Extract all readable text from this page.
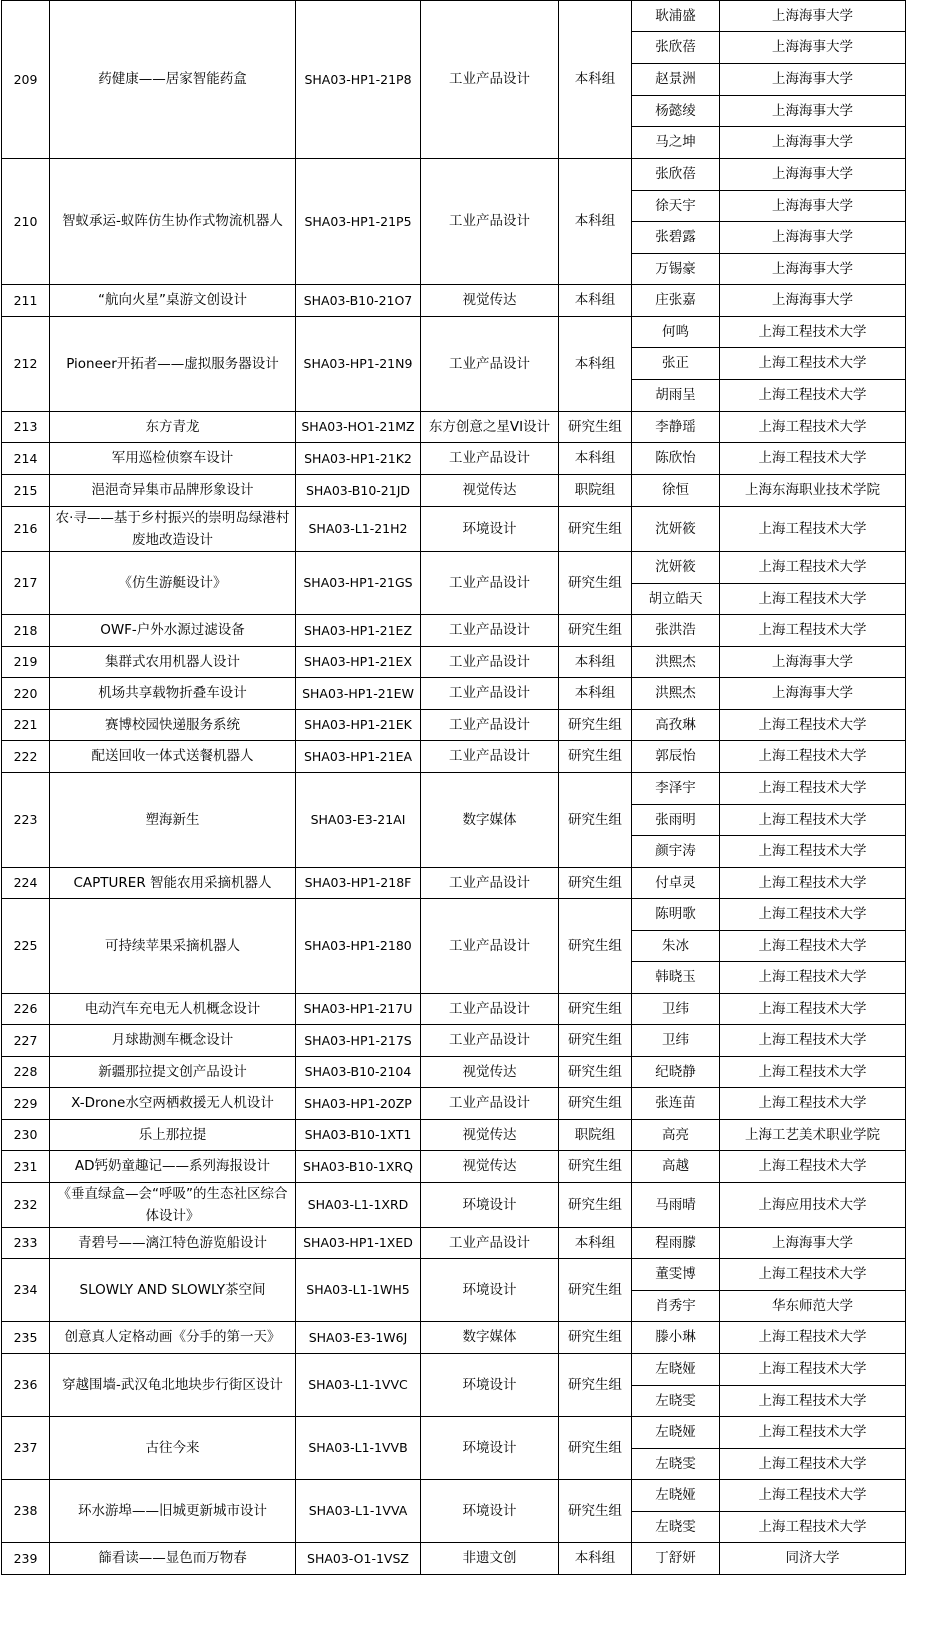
209	药健康——居家智能药盒	SHA03-HP1-21P8	工业产品设计	本科组	耿浦盛	上海海事大学
					张欣蓓	上海海事大学
					赵景洲	上海海事大学
					杨懿绫	上海海事大学
					马之坤	上海海事大学
210	智蚁承运-蚁阵仿生协作式物流机器人	SHA03-HP1-21P5	工业产品设计	本科组	张欣蓓	上海海事大学
					徐天宇	上海海事大学
					张碧露	上海海事大学
					万锡豪	上海海事大学
211	“航向火星”桌游文创设计	SHA03-B10-21O7	视觉传达	本科组	庄张嘉	上海海事大学
212	Pioneer开拓者——虚拟服务器设计	SHA03-HP1-21N9	工业产品设计	本科组	何鸣	上海工程技术大学
					张正	上海工程技术大学
					胡雨呈	上海工程技术大学
213	东方青龙	SHA03-HO1-21MZ	东方创意之星VI设计	研究生组	李静瑶	上海工程技术大学
214	军用巡检侦察车设计	SHA03-HP1-21K2	工业产品设计	本科组	陈欣怡	上海工程技术大学
215	浥浥奇异集市品牌形象设计	SHA03-B10-21JD	视觉传达	职院组	徐恒	上海东海职业技术学院
216	农·寻——基于乡村振兴的崇明岛绿港村废地改造设计	SHA03-L1-21H2	环境设计	研究生组	沈妍筱	上海工程技术大学
217	《仿生游艇设计》	SHA03-HP1-21GS	工业产品设计	研究生组	沈妍筱	上海工程技术大学
					胡立皓天	上海工程技术大学
218	OWF-户外水源过滤设备	SHA03-HP1-21EZ	工业产品设计	研究生组	张洪浩	上海工程技术大学
219	集群式农用机器人设计	SHA03-HP1-21EX	工业产品设计	本科组	洪熙杰	上海海事大学
220	机场共享载物折叠车设计	SHA03-HP1-21EW	工业产品设计	本科组	洪熙杰	上海海事大学
221	赛博校园快递服务系统	SHA03-HP1-21EK	工业产品设计	研究生组	高孜琳	上海工程技术大学
222	配送回收一体式送餐机器人	SHA03-HP1-21EA	工业产品设计	研究生组	郭辰怡	上海工程技术大学
223	塑海新生	SHA03-E3-21AI	数字媒体	研究生组	李泽宇	上海工程技术大学
					张雨明	上海工程技术大学
					颜宇涛	上海工程技术大学
224	CAPTURER 智能农用采摘机器人	SHA03-HP1-218F	工业产品设计	研究生组	付卓灵	上海工程技术大学
225	可持续苹果采摘机器人	SHA03-HP1-2180	工业产品设计	研究生组	陈明歌	上海工程技术大学
					朱冰	上海工程技术大学
					韩晓玉	上海工程技术大学
226	电动汽车充电无人机概念设计	SHA03-HP1-217U	工业产品设计	研究生组	卫纬	上海工程技术大学
227	月球勘测车概念设计	SHA03-HP1-217S	工业产品设计	研究生组	卫纬	上海工程技术大学
228	新疆那拉提文创产品设计	SHA03-B10-2104	视觉传达	研究生组	纪晓静	上海工程技术大学
229	X-Drone水空两栖救援无人机设计	SHA03-HP1-20ZP	工业产品设计	研究生组	张连苗	上海工程技术大学
230	乐上那拉提	SHA03-B10-1XT1	视觉传达	职院组	高亮	上海工艺美术职业学院
231	AD钙奶童趣记——系列海报设计	SHA03-B10-1XRQ	视觉传达	研究生组	高越	上海工程技术大学
232	《垂直绿盒—会“呼吸”的生态社区综合体设计》	SHA03-L1-1XRD	环境设计	研究生组	马雨晴	上海应用技术大学
233	青碧号——漓江特色游览船设计	SHA03-HP1-1XED	工业产品设计	本科组	程雨朦	上海海事大学
234	SLOWLY AND SLOWLY茶空间	SHA03-L1-1WH5	环境设计	研究生组	董雯博	上海工程技术大学
					肖秀宇	华东师范大学
235	创意真人定格动画《分手的第一天》	SHA03-E3-1W6J	数字媒体	研究生组	滕小琳	上海工程技术大学
236	穿越围墙-武汉龟北地块步行街区设计	SHA03-L1-1VVC	环境设计	研究生组	左晓娅	上海工程技术大学
					左晓雯	上海工程技术大学
237	古往今来	SHA03-L1-1VVB	环境设计	研究生组	左晓娅	上海工程技术大学
					左晓雯	上海工程技术大学
238	环水游埠——旧城更新城市设计	SHA03-L1-1VVA	环境设计	研究生组	左晓娅	上海工程技术大学
					左晓雯	上海工程技术大学
239	篩看读——显色而万物春	SHA03-O1-1VSZ	非遗文创	本科组	丁舒妍	同济大学
